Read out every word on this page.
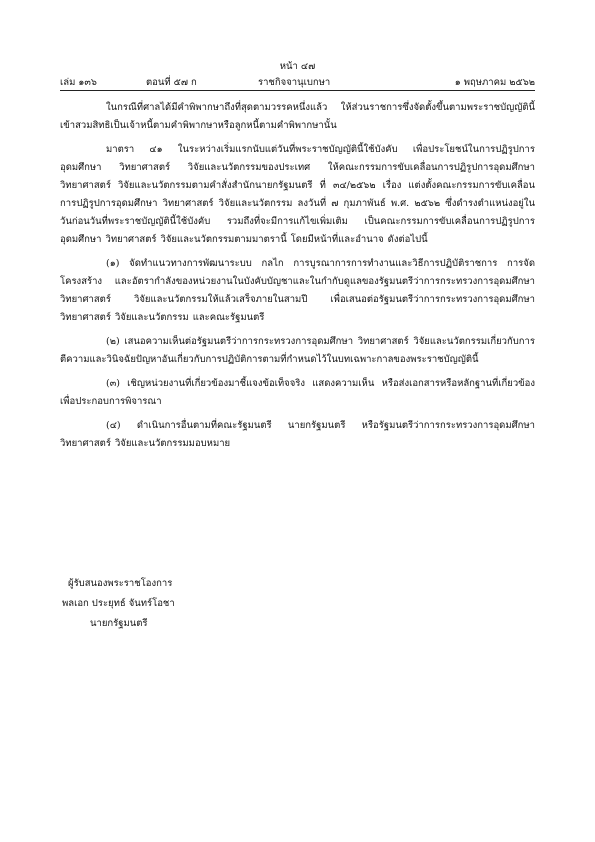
หน้า ๔๗
เล่ม ๑๓๖	ตอนที่ ๕๗ ก	ราชกิจจานุเบกษา	๑ พฤษภาคม ๒๕๖๒

ในกรณีที่ศาลได้มีคำพิพากษาถึงที่สุดตามวรรคหนึ่งแล้ว ให้ส่วนราชการซึ่งจัดตั้งขึ้นตามพระราชบัญญัตินี้เข้าสวมสิทธิเป็นเจ้าหนี้ตามคำพิพากษาหรือลูกหนี้ตามคำพิพากษานั้น

มาตรา ๔๑ ในระหว่างเริ่มแรกนับแต่วันที่พระราชบัญญัตินี้ใช้บังคับ เพื่อประโยชน์ในการปฏิรูปการอุดมศึกษา วิทยาศาสตร์ วิจัยและนวัตกรรมของประเทศ ให้คณะกรรมการขับเคลื่อนการปฏิรูปการอุดมศึกษา วิทยาศาสตร์ วิจัยและนวัตกรรมตามคำสั่งสำนักนายกรัฐมนตรี ที่ ๓๔/๒๕๖๒ เรื่อง แต่งตั้งคณะกรรมการขับเคลื่อนการปฏิรูปการอุดมศึกษา วิทยาศาสตร์ วิจัยและนวัตกรรม ลงวันที่ ๗ กุมภาพันธ์ พ.ศ. ๒๕๖๒ ซึ่งดำรงตำแหน่งอยู่ในวันก่อนวันที่พระราชบัญญัตินี้ใช้บังคับ รวมถึงที่จะมีการแก้ไขเพิ่มเติม เป็นคณะกรรมการขับเคลื่อนการปฏิรูปการอุดมศึกษา วิทยาศาสตร์ วิจัยและนวัตกรรมตามมาตรานี้ โดยมีหน้าที่และอำนาจ ดังต่อไปนี้

(๑) จัดทำแนวทางการพัฒนาระบบ กลไก การบูรณาการการทำงานและวิธีการปฏิบัติราชการ การจัดโครงสร้าง และอัตรากำลังของหน่วยงานในบังคับบัญชาและในกำกับดูแลของรัฐมนตรีว่าการกระทรวงการอุดมศึกษา วิทยาศาสตร์ วิจัยและนวัตกรรมให้แล้วเสร็จภายในสามปี เพื่อเสนอต่อรัฐมนตรีว่าการกระทรวงการอุดมศึกษา วิทยาศาสตร์ วิจัยและนวัตกรรม และคณะรัฐมนตรี

(๒) เสนอความเห็นต่อรัฐมนตรีว่าการกระทรวงการอุดมศึกษา วิทยาศาสตร์ วิจัยและนวัตกรรมเกี่ยวกับการตีความและวินิจฉัยปัญหาอันเกี่ยวกับการปฏิบัติการตามที่กำหนดไว้ในบทเฉพาะกาลของพระราชบัญญัตินี้

(๓) เชิญหน่วยงานที่เกี่ยวข้องมาชี้แจงข้อเท็จจริง แสดงความเห็น หรือส่งเอกสารหรือหลักฐานที่เกี่ยวข้องเพื่อประกอบการพิจารณา

(๔) ดำเนินการอื่นตามที่คณะรัฐมนตรี นายกรัฐมนตรี หรือรัฐมนตรีว่าการกระทรวงการอุดมศึกษา วิทยาศาสตร์ วิจัยและนวัตกรรมมอบหมาย

ผู้รับสนองพระราชโองการ
พลเอก ประยุทธ์ จันทร์โอชา
นายกรัฐมนตรี
